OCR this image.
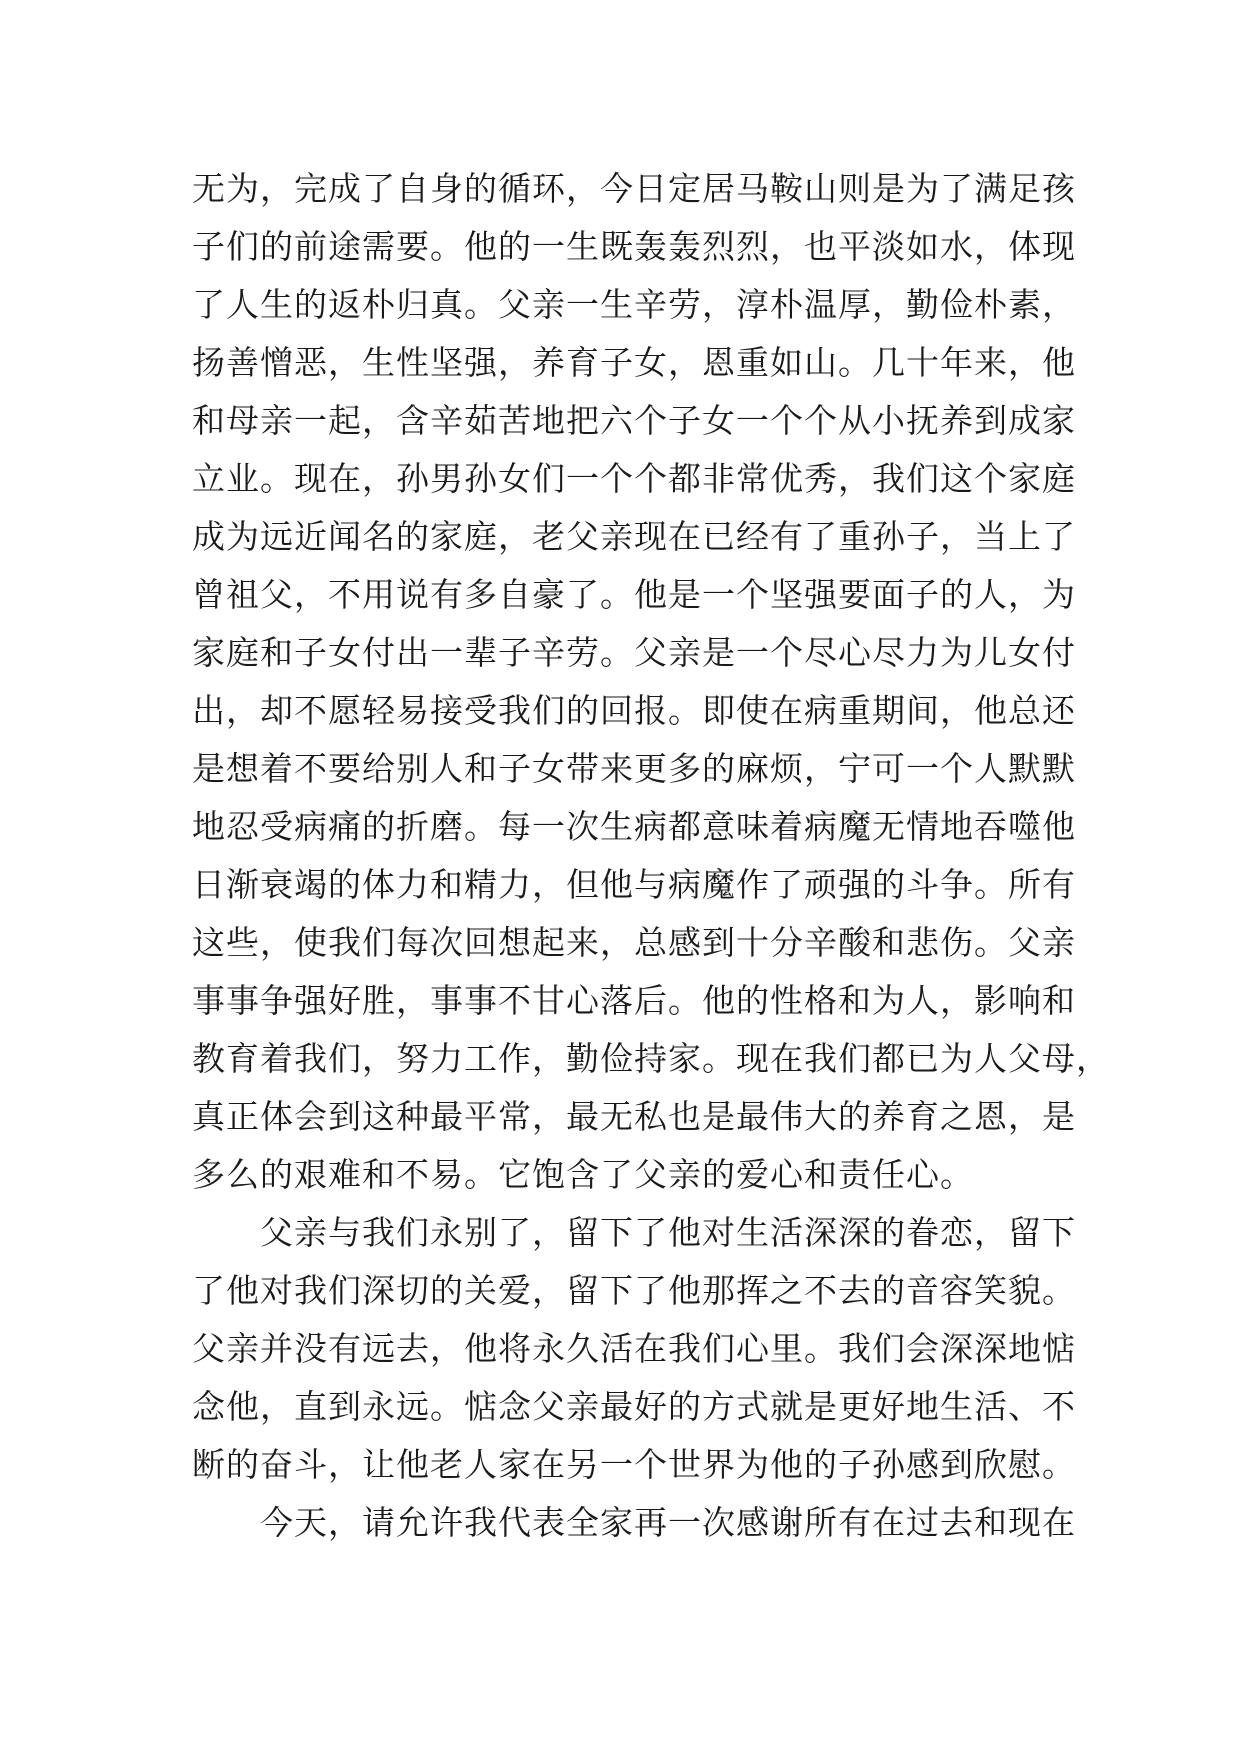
无为，完成了自身的循环，今日定居马鞍山则是为了满足孩
子们的前途需要。他的一生既轰轰烈烈，也平淡如水，体现
了人生的返朴归真。父亲一生辛劳，淳朴温厚，勤俭朴素，
扬善憎恶，生性坚强，养育子女，恩重如山。几十年来，他
和母亲一起，含辛茹苦地把六个子女一个个从小抚养到成家
立业。现在，孙男孙女们一个个都非常优秀，我们这个家庭
成为远近闻名的家庭，老父亲现在已经有了重孙子，当上了
曾祖父，不用说有多自豪了。他是一个坚强要面子的人，为
家庭和子女付出一辈子辛劳。父亲是一个尽心尽力为儿女付
出，却不愿轻易接受我们的回报。即使在病重期间，他总还
是想着不要给别人和子女带来更多的麻烦，宁可一个人默默
地忍受病痛的折磨。每一次生病都意味着病魔无情地吞噬他
日渐衰竭的体力和精力，但他与病魔作了顽强的斗争。所有
这些，使我们每次回想起来，总感到十分辛酸和悲伤。父亲
事事争强好胜，事事不甘心落后。他的性格和为人，影响和
教育着我们，努力工作，勤俭持家。现在我们都已为人父母，
真正体会到这种最平常，最无私也是最伟大的养育之恩，是
多么的艰难和不易。它饱含了父亲的爱心和责任心。
父亲与我们永别了，留下了他对生活深深的眷恋，留下
了他对我们深切的关爱，留下了他那挥之不去的音容笑貌。
父亲并没有远去，他将永久活在我们心里。我们会深深地惦
念他，直到永远。惦念父亲最好的方式就是更好地生活、不
断的奋斗，让他老人家在另一个世界为他的子孙感到欣慰。
今天，请允许我代表全家再一次感谢所有在过去和现在
